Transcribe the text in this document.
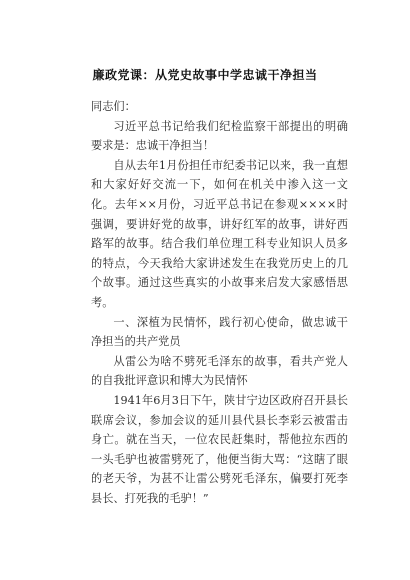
廉政党课：从党史故事中学忠诚干净担当

同志们：

习近平总书记给我们纪检监察干部提出的明确要求是：忠诚干净担当！

自从去年1月份担任市纪委书记以来，我一直想和大家好好交流一下，如何在机关中渗入这一文化。去年××月份，习近平总书记在参观××××时强调，要讲好党的故事，讲好红军的故事，讲好西路军的故事。结合我们单位理工科专业知识人员多的特点，今天我给大家讲述发生在我党历史上的几个故事。通过这些真实的小故事来启发大家感悟思考。

一、深植为民情怀，践行初心使命，做忠诚干净担当的共产党员

从雷公为啥不劈死毛泽东的故事，看共产党人的自我批评意识和博大为民情怀

1941年6月3日下午，陕甘宁边区政府召开县长联席会议，参加会议的延川县代县长李彩云被雷击身亡。就在当天，一位农民赶集时，帮他拉东西的一头毛驴也被雷劈死了，他便当街大骂：“这瞎了眼的老天爷，为甚不让雷公劈死毛泽东，偏要打死李县长、打死我的毛驴！”
